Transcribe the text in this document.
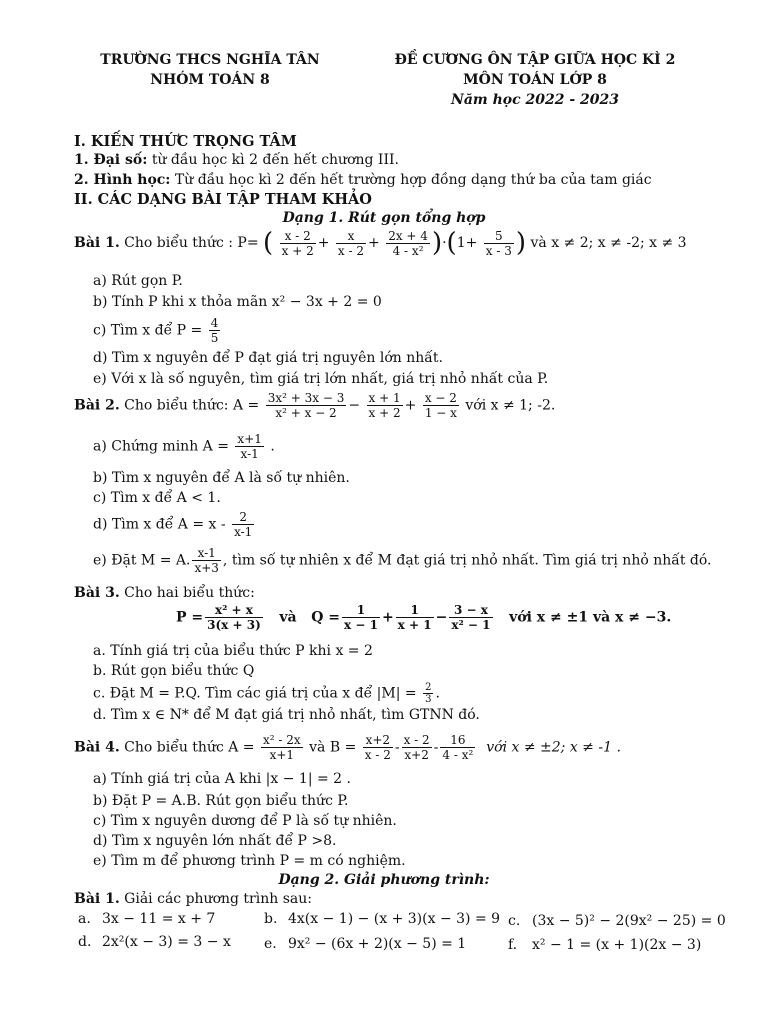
TRƯỜNG THCS NGHĨA TÂN
NHÓM TOÁN 8
ĐỀ CƯƠNG ÔN TẬP GIỮA HỌC KÌ 2
MÔN TOÁN LỚP 8
Năm học 2022 - 2023
I. KIẾN THỨC TRỌNG TÂM
1. Đại số: từ đầu học kì 2 đến hết chương III.
2. Hình học: Từ đầu học kì 2 đến hết trường hợp đồng dạng thứ ba của tam giác
II. CÁC DẠNG BÀI TẬP THAM KHẢO
Dạng 1. Rút gọn tổng hợp
Bài 1. Cho biểu thức : P= ( $\frac{x - 2}{x + 2} + \frac{x}{x - 2} + \frac{2x + 4}{\text{4 - x²}} )\cdot(1+ \frac{5}{x - 3}$ ) và x ≠ 2; x ≠ -2; x ≠ 3
a) Rút gọn P.
b) Tính P khi x thỏa mãn x² − 3x + 2 = 0
c) Tìm x để $P = \frac{4}{5}$
d) Tìm x nguyên để P đạt giá trị nguyên lớn nhất.
e) Với x là số nguyên, tìm giá trị lớn nhất, giá trị nhỏ nhất của P.
Bài 2. Cho biểu thức: $A = \frac{\text{3x² + 3x − 3}}{\text{x² + x − 2}} - \frac{x + 1}{x + 2} + \frac{x - 2}{1 - x}$ với x ≠ 1; -2.
a) Chứng minh $A = \frac{x+1}{x-1}$ .
b) Tìm x nguyên để A là số tự nhiên.
c) Tìm x để A < 1.
d) Tìm x để $A = x - \frac{2}{x-1}$
e) Đặt M = A. $\frac{x-1}{x+3}$ , tìm số tự nhiên x để M đạt giá trị nhỏ nhất. Tìm giá trị nhỏ nhất đó.
Bài 3. Cho hai biểu thức:
$P = \frac{\text{x² + x}}{3(x + 3)}$ và   $Q = \frac{1}{x - 1} + \frac{1}{x + 1} - \frac{3 - x}{\text{x² − 1}}$ với x ≠ ±1 và x ≠ −3.
a. Tính giá trị của biểu thức P khi x = 2
b. Rút gọn biểu thức Q
c. Đặt M = P.Q. Tìm các giá trị của x để $|M| = \frac{2}{3}$ .
d. Tìm x ∈ N* để M đạt giá trị nhỏ nhất, tìm GTNN đó.
Bài 4. Cho biểu thức $A = \frac{\text{x² - 2x}}{x+1}$ và $B = \frac{x+2}{x - 2} - \frac{x - 2}{x+2} - \frac{16}{\text{4 - x²}}$ với x ≠ ±2; x ≠ -1 .
a) Tính giá trị của A khi |x − 1| = 2 .
b) Đặt P = A.B. Rút gọn biểu thức P.
c) Tìm x nguyên dương để P là số tự nhiên.
d) Tìm x nguyên lớn nhất để P >8.
e) Tìm m để phương trình P = m có nghiệm.
Dạng 2. Giải phương trình:
Bài 1. Giải các phương trình sau:
a. 3x − 11 = x + 7	b. 4x(x − 1) − (x + 3)(x − 3) = 9 c. (3x − 5)² − 2(9x² − 25) = 0
d. 2x²(x − 3) = 3 − x e. 9x² − (6x + 2)(x − 5) = 1	f. x² − 1 = (x + 1)(2x − 3)
